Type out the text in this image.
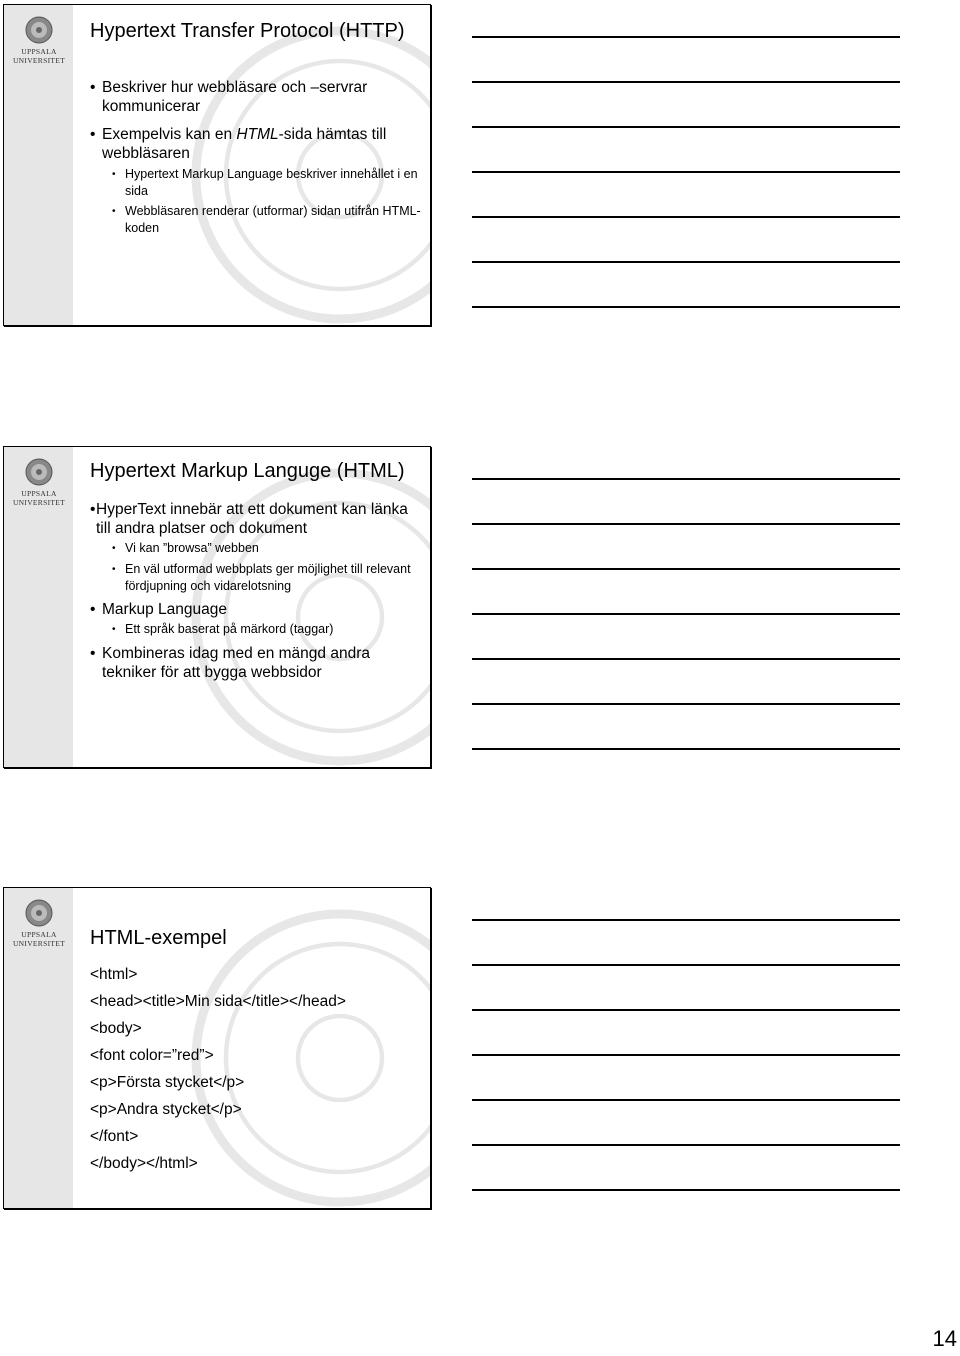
UPPSALA
UNIVERSITET
Hypertext Transfer Protocol (HTTP)
• Beskriver hur webbläsare och –servrar kommunicerar
• Exempelvis kan en HTML-sida hämtas till webbläsaren
• Hypertext Markup Language beskriver innehållet i en sida
• Webbläsaren renderar (utformar) sidan utifrån HTML-koden
UPPSALA
UNIVERSITET
Hypertext Markup Languge (HTML)
• HyperText innebär att ett dokument kan länka till andra platser och dokument
• Vi kan ”browsa” webben
• En väl utformad webbplats ger möjlighet till relevant fördjupning och vidarelotsning
• Markup Language
• Ett språk baserat på märkord (taggar)
• Kombineras idag med en mängd andra tekniker för att bygga webbsidor
UPPSALA
UNIVERSITET HTML-exempel
<html>
<head><title>Min sida</title></head>
<body>
<font color=”red”>
<p>Första stycket</p>
<p>Andra stycket</p>
</font>
</body></html>
14
